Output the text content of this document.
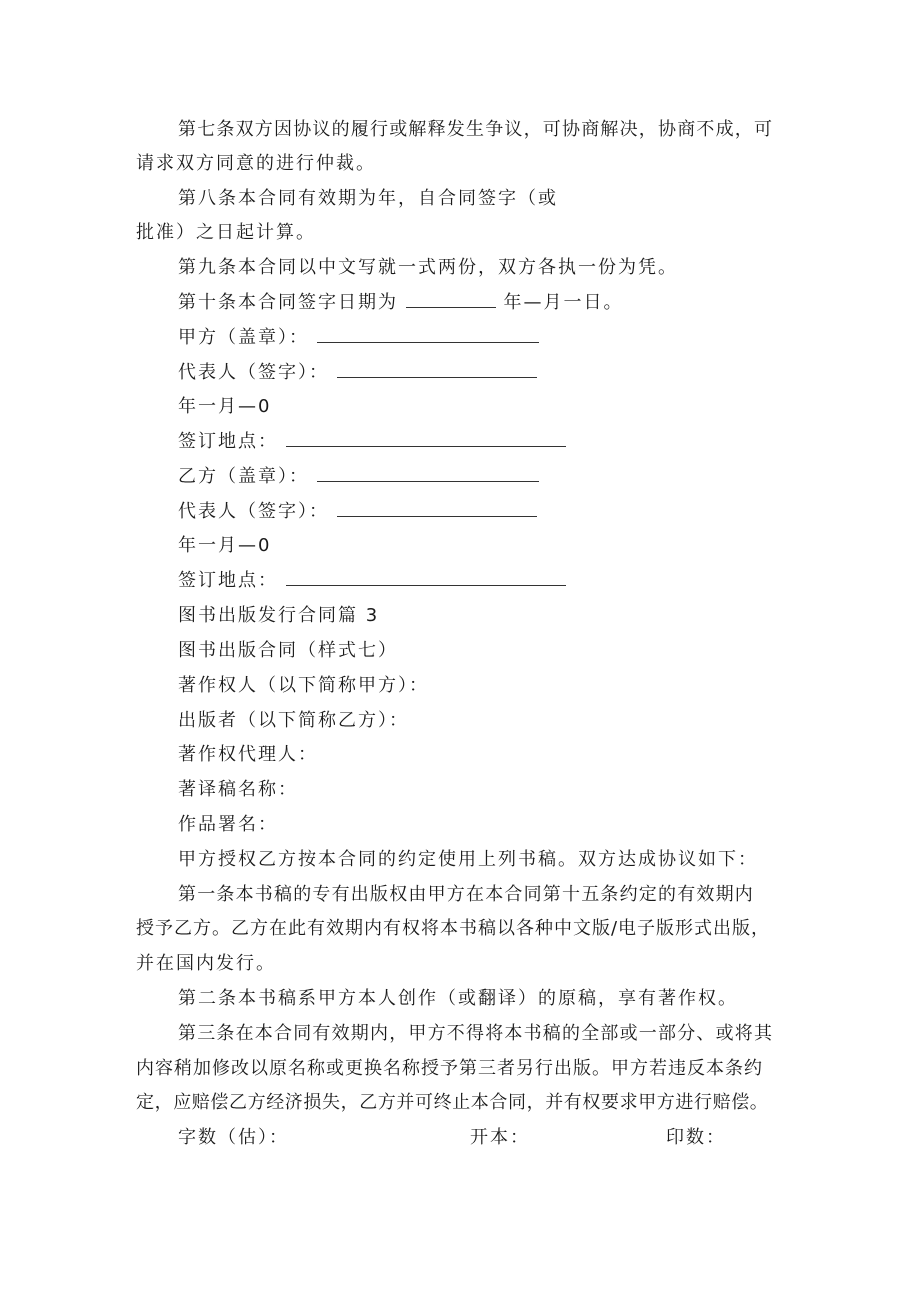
第七条双方因协议的履行或解释发生争议，可协商解决，协商不成，可
请求双方同意的进行仲裁。
第八条本合同有效期为年，自合同签字（或
批准）之日起计算。
第九条本合同以中文写就一式两份，双方各执一份为凭。
第十条本合同签字日期为	年—月一日。
甲方（盖章）：
代表人（签字）：
年一月—0
签订地点：
乙方（盖章）：
代表人（签字）：
年一月—0
签订地点：
图书出版发行合同篇 3
图书出版合同（样式七）
著作权人（以下简称甲方）：
出版者（以下简称乙方）：
著作权代理人：
著译稿名称：
作品署名：
甲方授权乙方按本合同的约定使用上列书稿。双方达成协议如下：
第一条本书稿的专有出版权由甲方在本合同第十五条约定的有效期内
授予乙方。乙方在此有效期内有权将本书稿以各种中文版/电子版形式出版，
并在国内发行。
第二条本书稿系甲方本人创作（或翻译）的原稿，享有著作权。
第三条在本合同有效期内，甲方不得将本书稿的全部或一部分、或将其
内容稍加修改以原名称或更换名称授予第三者另行出版。甲方若违反本条约
定，应赔偿乙方经济损失，乙方并可终止本合同，并有权要求甲方进行赔偿。
字数（估）：	开本：	印数：
